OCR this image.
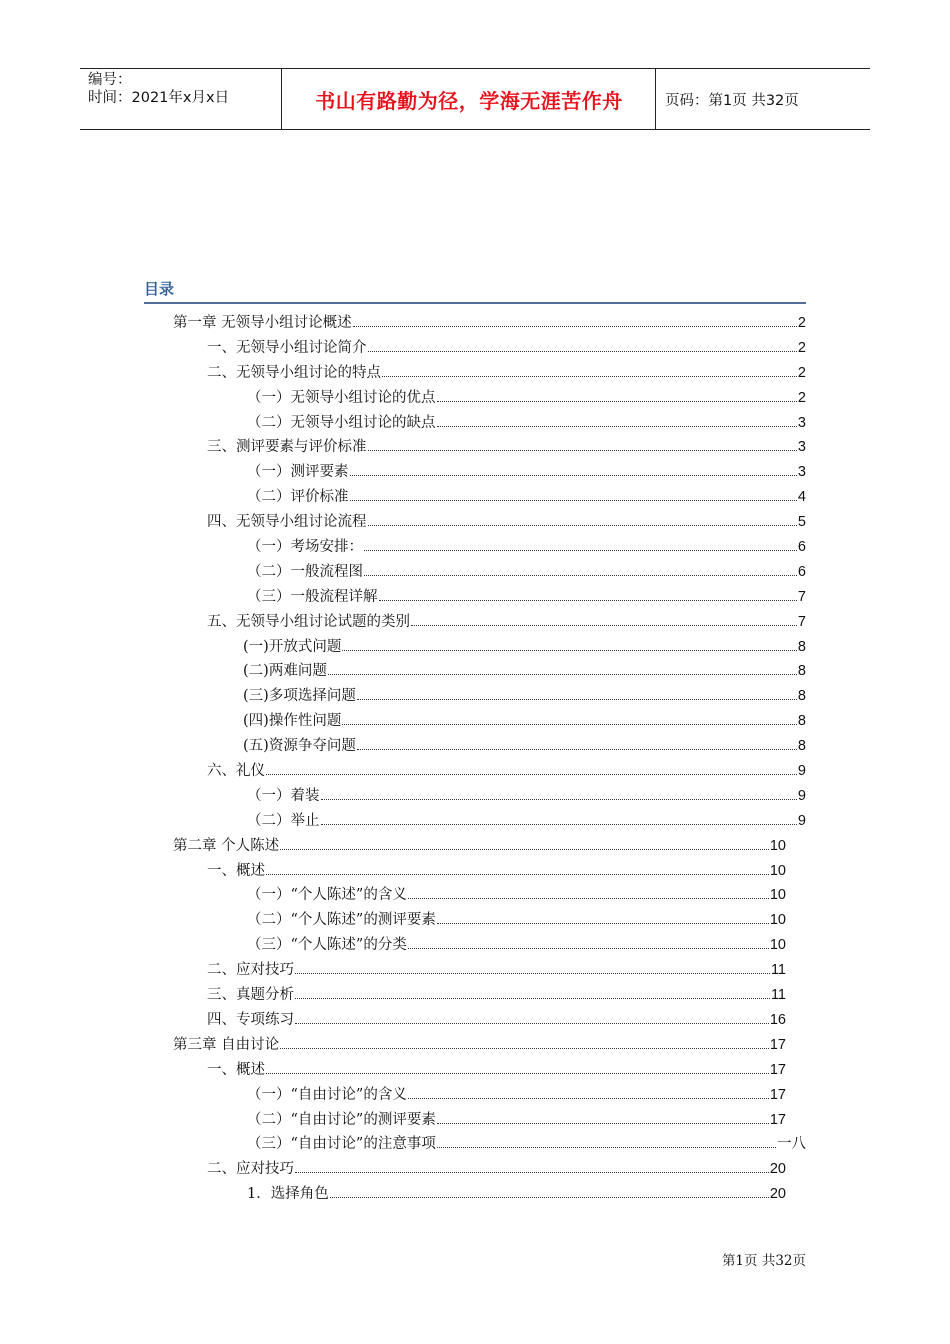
编号：
时间：2021年x月x日	书山有路勤为径，学海无涯苦作舟	页码：第1页 共32页
目录
第一章 无领导小组讨论概述	2
一、无领导小组讨论简介	2
二、无领导小组讨论的特点	2
（一）无领导小组讨论的优点	2
（二）无领导小组讨论的缺点	3
三、测评要素与评价标准	3
（一）测评要素	3
（二）评价标准	4
四、无领导小组讨论流程	5
（一）考场安排：	6
（二）一般流程图	6
（三）一般流程详解	7
五、无领导小组讨论试题的类别	7
(一)开放式问题	8
(二)两难问题	8
(三)多项选择问题	8
(四)操作性问题	8
(五)资源争夺问题	8
六、礼仪	9
（一）着装	9
（二）举止	9
第二章 个人陈述	10
一、概述	10
（一）“个人陈述”的含义	10
（二）“个人陈述”的测评要素	10
（三）“个人陈述”的分类	10
二、应对技巧	11
三、真题分析	11
四、专项练习	16
第三章 自由讨论	17
一、概述	17
（一）“自由讨论”的含义	17
（二）“自由讨论”的测评要素	17
（三）“自由讨论”的注意事项	一八
二、应对技巧	20
1．选择角色	20
第1页 共32页
